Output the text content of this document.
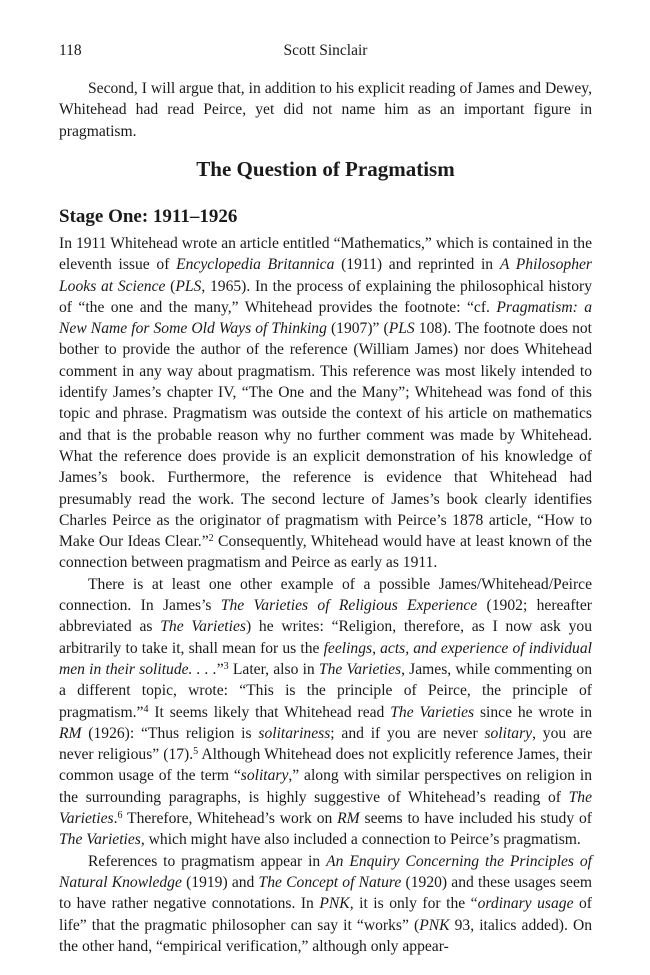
118	Scott Sinclair

Second, I will argue that, in addition to his explicit reading of James and Dewey, Whitehead had read Peirce, yet did not name him as an important figure in pragmatism.

The Question of Pragmatism
Stage One: 1911–1926

In 1911 Whitehead wrote an article entitled “Mathematics,” which is contained in the eleventh issue of Encyclopedia Britannica (1911) and reprinted in A Philosopher Looks at Science (PLS, 1965). In the process of explaining the philosophical history of “the one and the many,” Whitehead provides the footnote: “cf. Pragmatism: a New Name for Some Old Ways of Thinking (1907)” (PLS 108). The footnote does not bother to provide the author of the reference (William James) nor does Whitehead comment in any way about pragmatism. This reference was most likely intended to identify James’s chapter IV, “The One and the Many”; Whitehead was fond of this topic and phrase. Pragmatism was outside the context of his article on mathematics and that is the probable reason why no further comment was made by Whitehead. What the reference does provide is an explicit demonstration of his knowledge of James’s book. Furthermore, the reference is evidence that Whitehead had presumably read the work. The second lecture of James’s book clearly identifies Charles Peirce as the originator of pragmatism with Peirce’s 1878 article, “How to Make Our Ideas Clear.”$^2$ Consequently, Whitehead would have at least known of the connection between pragmatism and Peirce as early as 1911.

There is at least one other example of a possible James/Whitehead/Peirce connection. In James’s The Varieties of Religious Experience (1902; hereafter abbreviated as The Varieties) he writes: “Religion, therefore, as I now ask you arbitrarily to take it, shall mean for us the feelings, acts, and experience of individual men in their solitude. . . .”$^3$ Later, also in The Varieties, James, while commenting on a different topic, wrote: “This is the principle of Peirce, the principle of pragmatism.”$^4$ It seems likely that Whitehead read The Varieties since he wrote in RM (1926): “Thus religion is solitariness; and if you are never solitary, you are never religious” (17).$^5$ Although Whitehead does not explicitly reference James, their common usage of the term “solitary,” along with similar perspectives on religion in the surrounding paragraphs, is highly suggestive of Whitehead’s reading of The Varieties.$^6$ Therefore, Whitehead’s work on RM seems to have included his study of The Varieties, which might have also included a connection to Peirce’s pragmatism.

References to pragmatism appear in An Enquiry Concerning the Principles of Natural Knowledge (1919) and The Concept of Nature (1920) and these usages seem to have rather negative connotations. In PNK, it is only for the “ordinary usage of life” that the pragmatic philosopher can say it “works” (PNK 93, italics added). On the other hand, “empirical verification,” although only appear-
